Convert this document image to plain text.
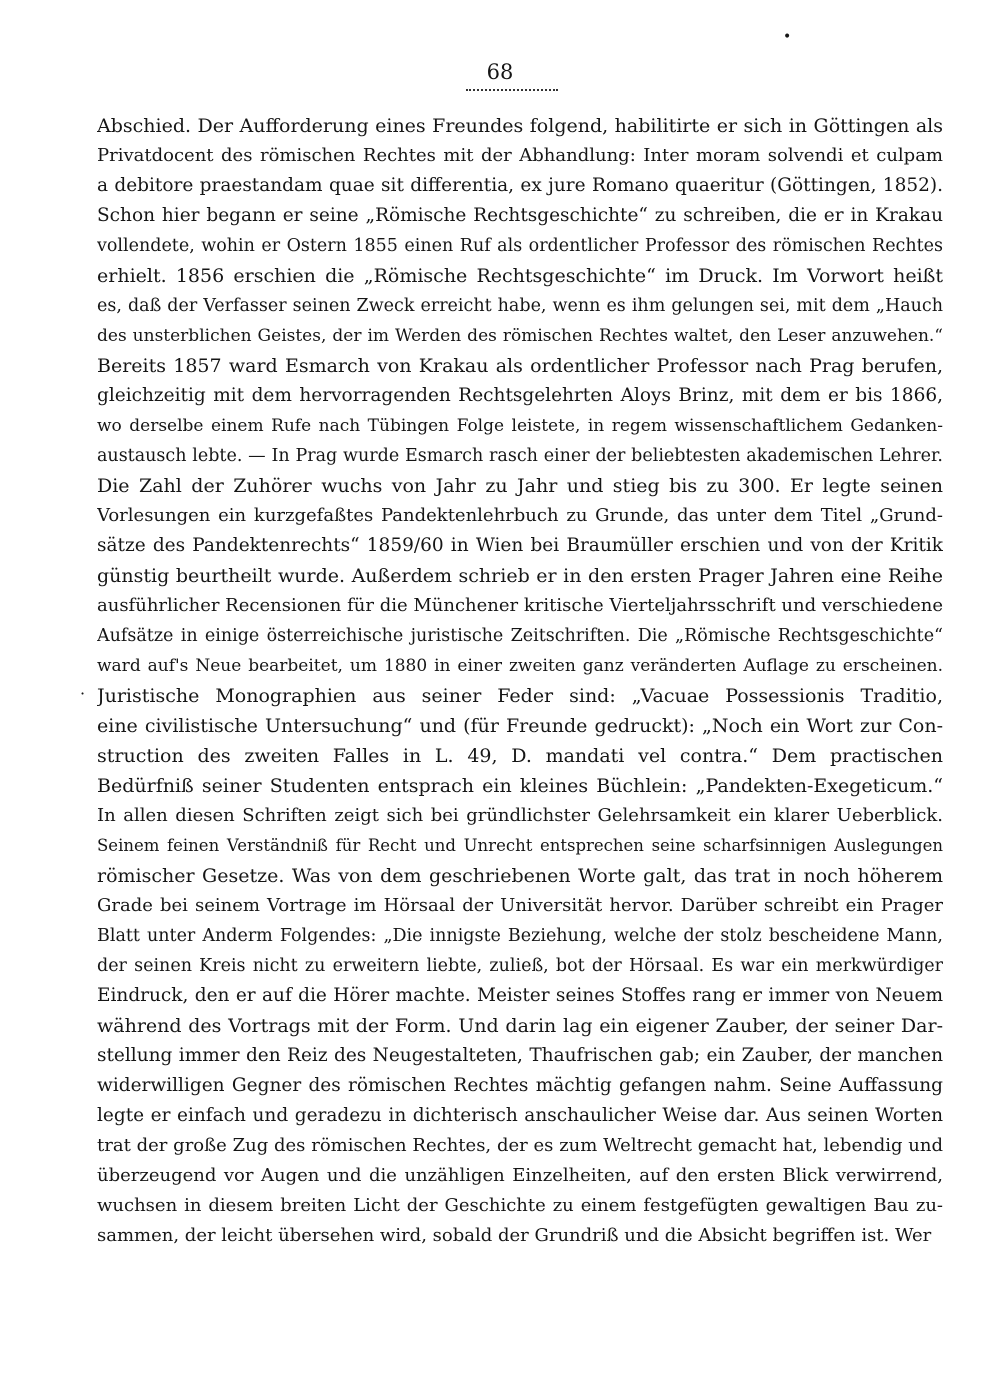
•
68
·
Abschied. Der Aufforderung eines Freundes folgend, habilitirte er sich in Göttingen als
Privatdocent des römischen Rechtes mit der Abhandlung: Inter moram solvendi et culpam
a debitore praestandam quae sit differentia, ex jure Romano quaeritur (Göttingen, 1852).
Schon hier begann er seine „Römische Rechtsgeschichte“ zu schreiben, die er in Krakau
vollendete, wohin er Ostern 1855 einen Ruf als ordentlicher Professor des römischen Rechtes
erhielt. 1856 erschien die „Römische Rechtsgeschichte“ im Druck. Im Vorwort heißt
es, daß der Verfasser seinen Zweck erreicht habe, wenn es ihm gelungen sei, mit dem „Hauch
des unsterblichen Geistes, der im Werden des römischen Rechtes waltet, den Leser anzuwehen.“
Bereits 1857 ward Esmarch von Krakau als ordentlicher Professor nach Prag berufen,
gleichzeitig mit dem hervorragenden Rechtsgelehrten Aloys Brinz, mit dem er bis 1866,
wo derselbe einem Rufe nach Tübingen Folge leistete, in regem wissenschaftlichem Gedanken-
austausch lebte. — In Prag wurde Esmarch rasch einer der beliebtesten akademischen Lehrer.
Die Zahl der Zuhörer wuchs von Jahr zu Jahr und stieg bis zu 300. Er legte seinen
Vorlesungen ein kurzgefaßtes Pandektenlehrbuch zu Grunde, das unter dem Titel „Grund-
sätze des Pandektenrechts“ 1859/60 in Wien bei Braumüller erschien und von der Kritik
günstig beurtheilt wurde. Außerdem schrieb er in den ersten Prager Jahren eine Reihe
ausführlicher Recensionen für die Münchener kritische Vierteljahrsschrift und verschiedene
Aufsätze in einige österreichische juristische Zeitschriften. Die „Römische Rechtsgeschichte“
ward auf's Neue bearbeitet, um 1880 in einer zweiten ganz veränderten Auflage zu erscheinen.
Juristische Monographien aus seiner Feder sind: „Vacuae Possessionis Traditio,
eine civilistische Untersuchung“ und (für Freunde gedruckt): „Noch ein Wort zur Con-
struction des zweiten Falles in L. 49, D. mandati vel contra.“ Dem practischen
Bedürfniß seiner Studenten entsprach ein kleines Büchlein: „Pandekten-Exegeticum.“
In allen diesen Schriften zeigt sich bei gründlichster Gelehrsamkeit ein klarer Ueberblick.
Seinem feinen Verständniß für Recht und Unrecht entsprechen seine scharfsinnigen Auslegungen
römischer Gesetze. Was von dem geschriebenen Worte galt, das trat in noch höherem
Grade bei seinem Vortrage im Hörsaal der Universität hervor. Darüber schreibt ein Prager
Blatt unter Anderm Folgendes: „Die innigste Beziehung, welche der stolz bescheidene Mann,
der seinen Kreis nicht zu erweitern liebte, zuließ, bot der Hörsaal. Es war ein merkwürdiger
Eindruck, den er auf die Hörer machte. Meister seines Stoffes rang er immer von Neuem
während des Vortrags mit der Form. Und darin lag ein eigener Zauber, der seiner Dar-
stellung immer den Reiz des Neugestalteten, Thaufrischen gab; ein Zauber, der manchen
widerwilligen Gegner des römischen Rechtes mächtig gefangen nahm. Seine Auffassung
legte er einfach und geradezu in dichterisch anschaulicher Weise dar. Aus seinen Worten
trat der große Zug des römischen Rechtes, der es zum Weltrecht gemacht hat, lebendig und
überzeugend vor Augen und die unzähligen Einzelheiten, auf den ersten Blick verwirrend,
wuchsen in diesem breiten Licht der Geschichte zu einem festgefügten gewaltigen Bau zu-
sammen, der leicht übersehen wird, sobald der Grundriß und die Absicht begriffen ist. Wer
